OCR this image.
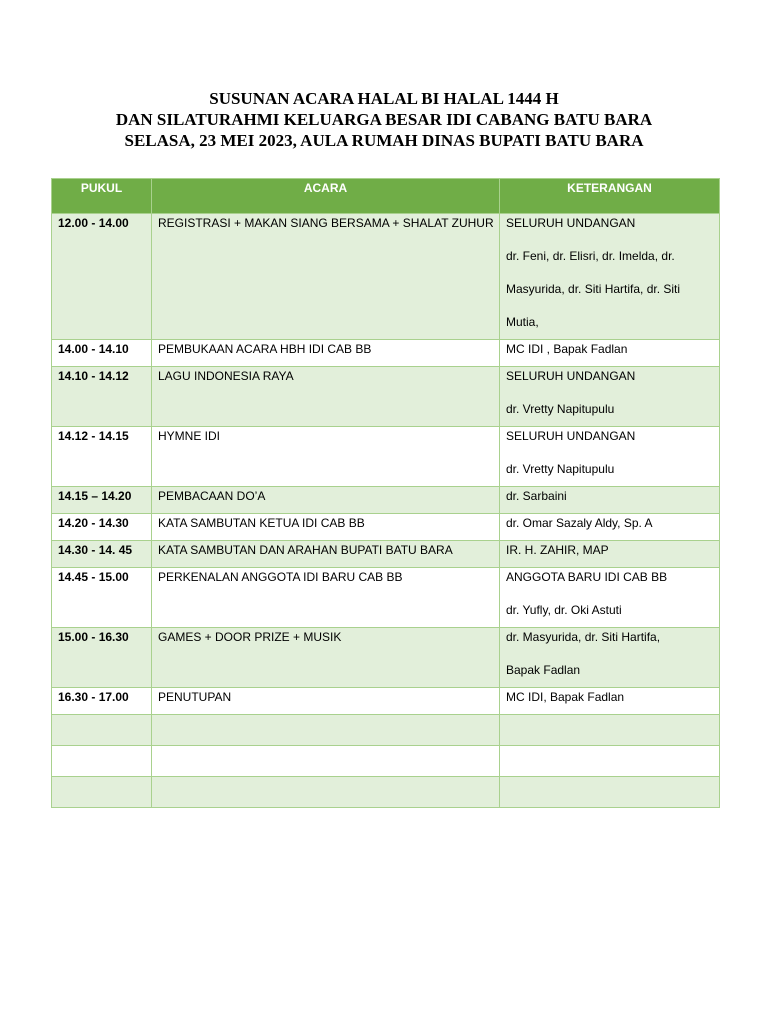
SUSUNAN ACARA HALAL BI HALAL 1444 H
DAN SILATURAHMI KELUARGA BESAR IDI CABANG BATU BARA
SELASA, 23 MEI 2023, AULA RUMAH DINAS BUPATI BATU BARA
PUKUL	ACARA	KETERANGAN

12.00 - 14.00	REGISTRASI + MAKAN SIANG BERSAMA + SHALAT ZUHUR	SELURUH UNDANGAN
dr. Feni, dr. Elisri, dr. Imelda, dr.
Masyurida, dr. Siti Hartifa, dr. Siti
Mutia,

14.00 - 14.10	PEMBUKAAN ACARA HBH IDI CAB BB	MC IDI , Bapak Fadlan

14.10 - 14.12	LAGU INDONESIA RAYA	SELURUH UNDANGAN
dr. Vretty Napitupulu

14.12 - 14.15	HYMNE IDI	SELURUH UNDANGAN
dr. Vretty Napitupulu

14.15 – 14.20	PEMBACAAN DO’A	dr. Sarbaini

14.20 - 14.30	KATA SAMBUTAN KETUA IDI CAB BB	dr. Omar Sazaly Aldy, Sp. A

14.30 - 14. 45	KATA SAMBUTAN DAN ARAHAN BUPATI BATU BARA	IR. H. ZAHIR, MAP

14.45 - 15.00	PERKENALAN ANGGOTA IDI BARU CAB BB	ANGGOTA BARU IDI CAB BB
dr. Yufly, dr. Oki Astuti

15.00 - 16.30	GAMES + DOOR PRIZE + MUSIK	dr. Masyurida, dr. Siti Hartifa,
Bapak Fadlan

16.30 - 17.00	PENUTUPAN	MC IDI, Bapak Fadlan
